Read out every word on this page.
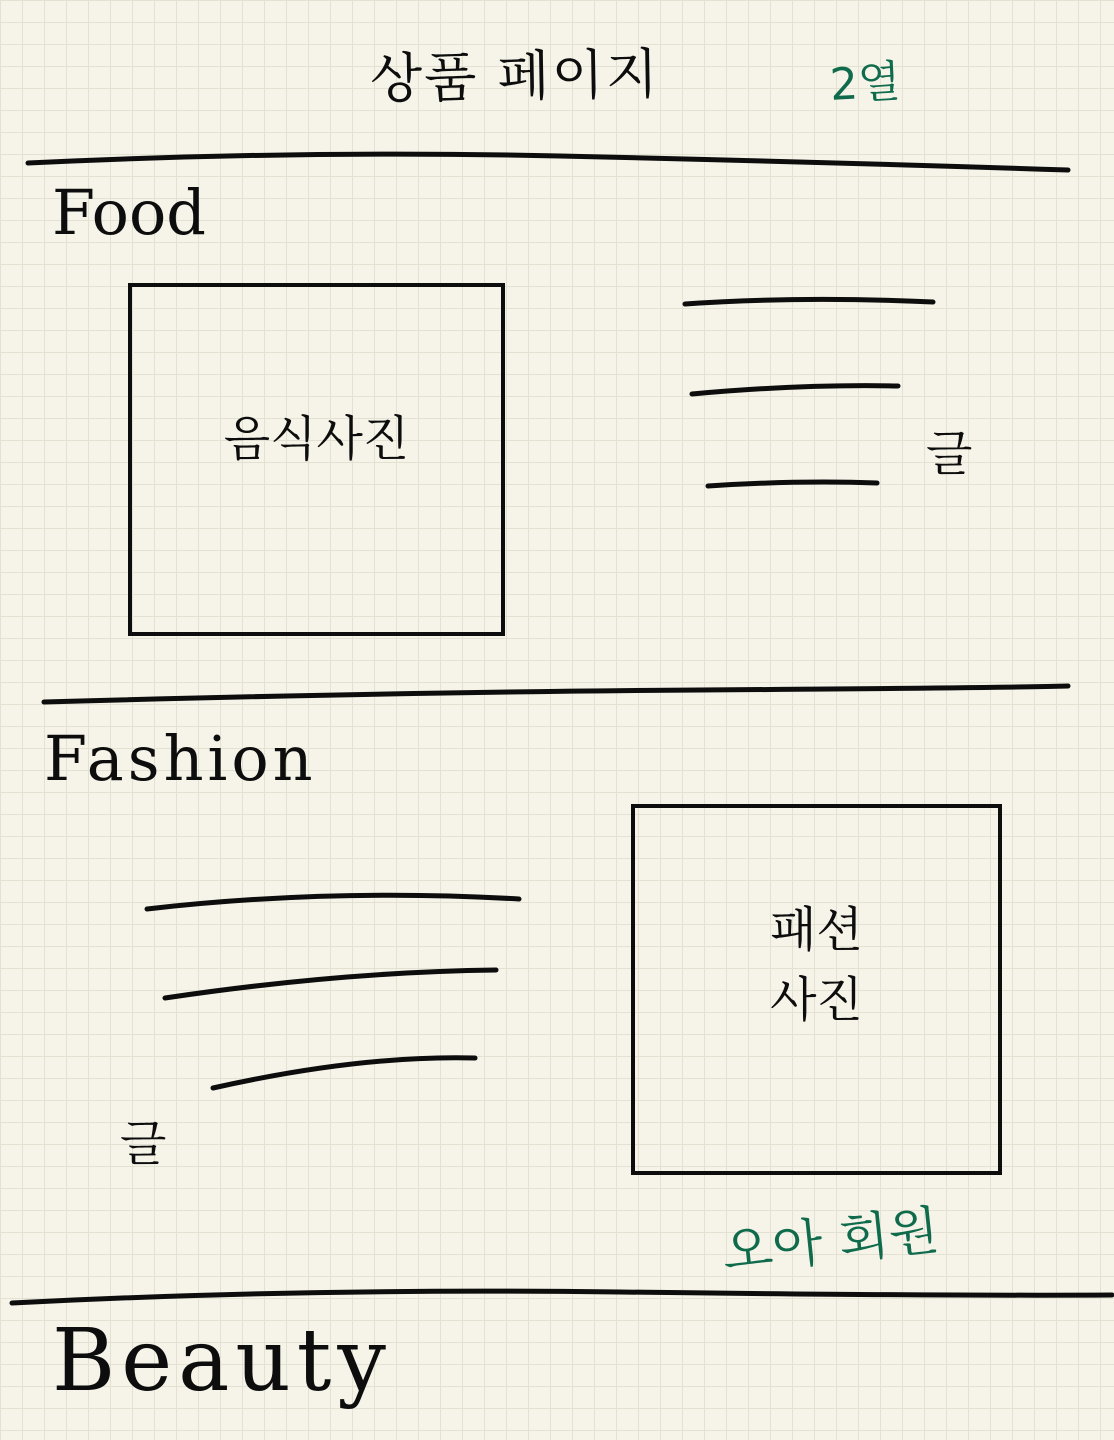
상품 페이지	2열
Food
음식사진	글
Fashion
패션
사진
글
오아 회원
Beauty
